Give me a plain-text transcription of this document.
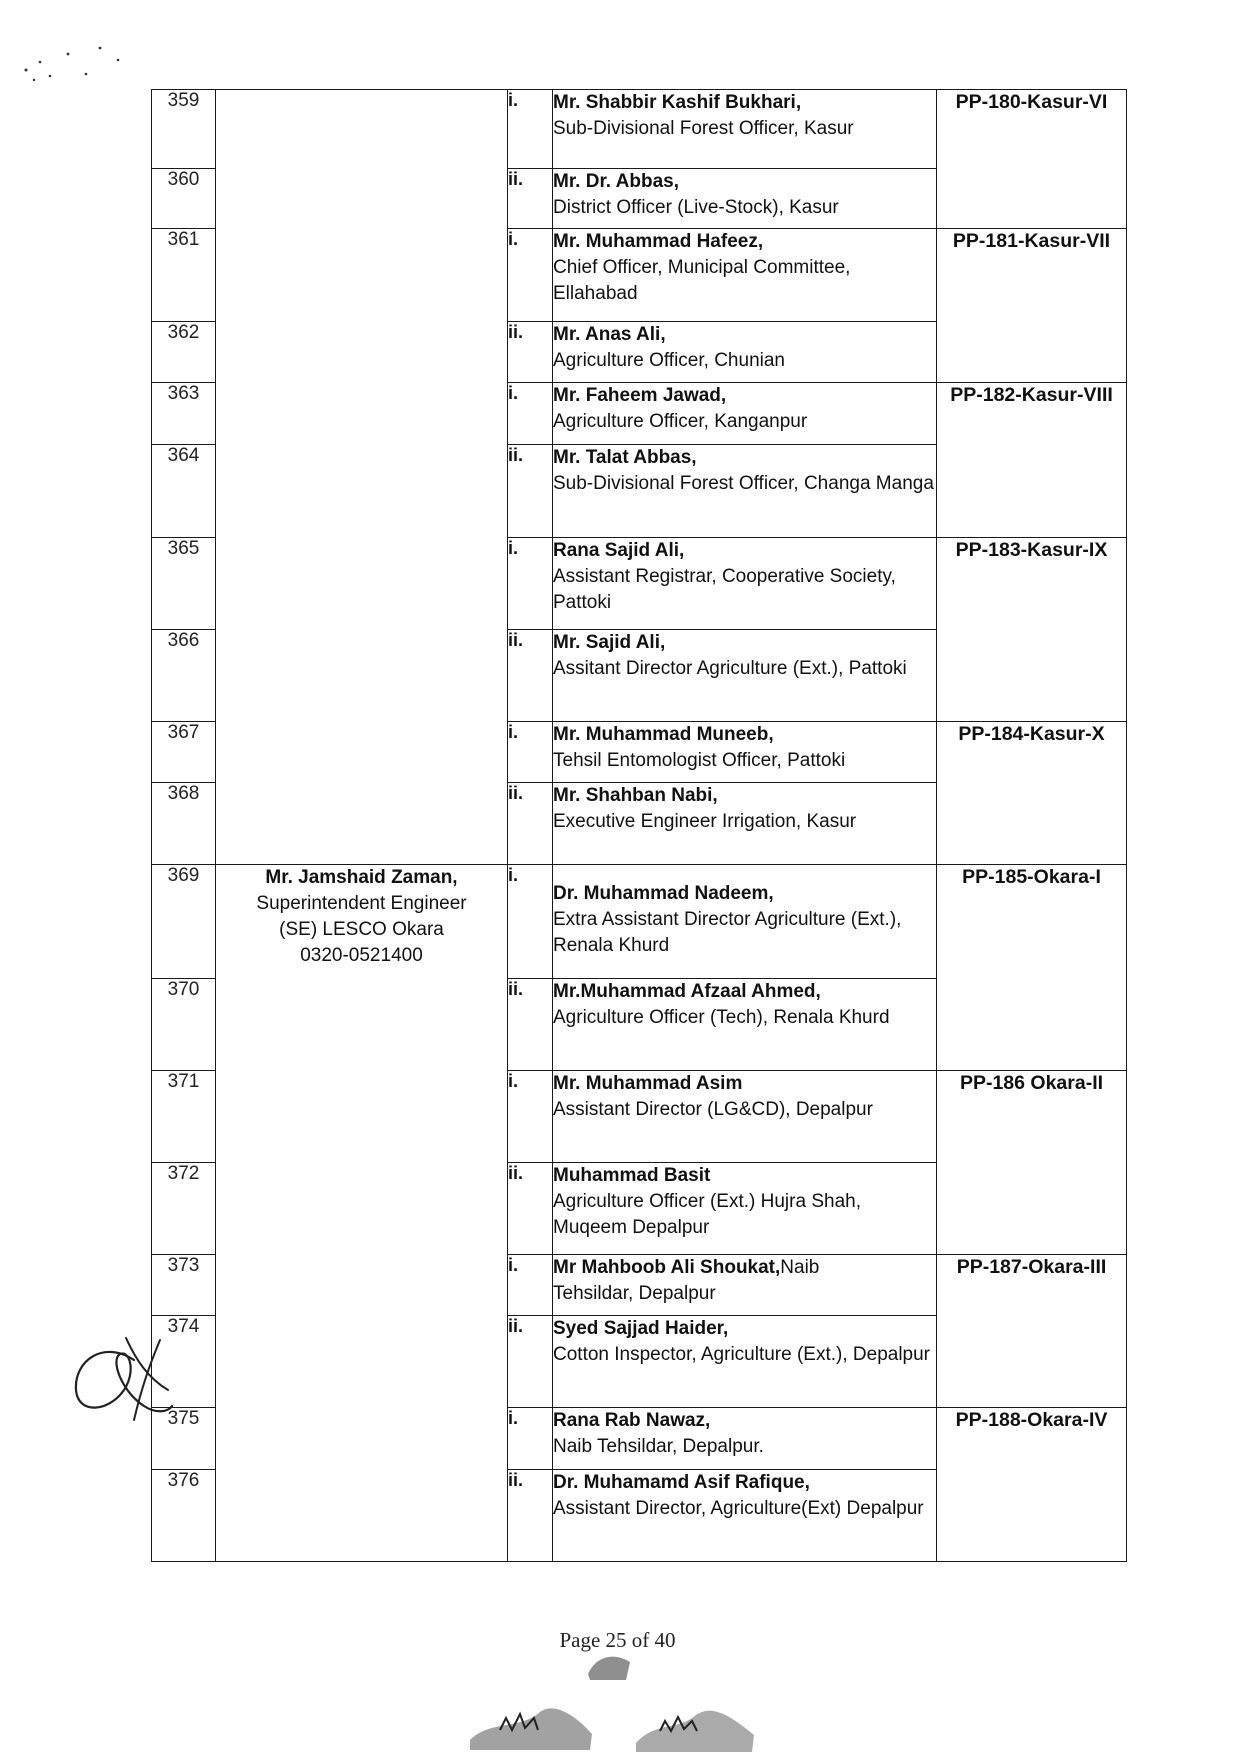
359		i.	Mr. Shabbir Kashif Bukhari,
Sub-Divisional Forest Officer, Kasur	PP-180-Kasur-VI
360		ii.	Mr. Dr. Abbas,
District Officer (Live-Stock), Kasur	

361		i.	Mr. Muhammad Hafeez,
Chief Officer, Municipal Committee, Ellahabad	PP-181-Kasur-VII
362		ii.	Mr. Anas Ali,
Agriculture Officer, Chunian	

363		i.	Mr. Faheem Jawad,
Agriculture Officer, Kanganpur	PP-182-Kasur-VIII
364		ii.	Mr. Talat Abbas,
Sub-Divisional Forest Officer, Changa Manga	

365		i.	Rana Sajid Ali,
Assistant Registrar, Cooperative Society, Pattoki	PP-183-Kasur-IX
366		ii.	Mr. Sajid Ali,
Assitant Director Agriculture (Ext.), Pattoki	

367		i.	Mr. Muhammad Muneeb,
Tehsil Entomologist Officer, Pattoki	PP-184-Kasur-X
368		ii.	Mr. Shahban Nabi,
Executive Engineer Irrigation, Kasur	

369	Mr. Jamshaid Zaman,
Superintendent Engineer
(SE) LESCO Okara
0320-0521400	i.	Dr. Muhammad Nadeem,
Extra Assistant Director Agriculture (Ext.), Renala Khurd	PP-185-Okara-I
370		ii.	Mr.Muhammad Afzaal Ahmed,
Agriculture Officer (Tech), Renala Khurd	

371		i.	Mr. Muhammad Asim
Assistant Director (LG&CD), Depalpur	PP-186 Okara-II
372		ii.	Muhammad Basit
Agriculture Officer (Ext.) Hujra Shah, Muqeem Depalpur	

373		i.	Mr Mahboob Ali Shoukat,Naib
Tehsildar, Depalpur	PP-187-Okara-III
374		ii.	Syed Sajjad Haider,
Cotton Inspector, Agriculture (Ext.), Depalpur	

375		i.	Rana Rab Nawaz,
Naib Tehsildar, Depalpur.	PP-188-Okara-IV
376		ii.	Dr. Muhamamd Asif Rafique,
Assistant Director, Agriculture(Ext) Depalpur	
Page 25 of 40
